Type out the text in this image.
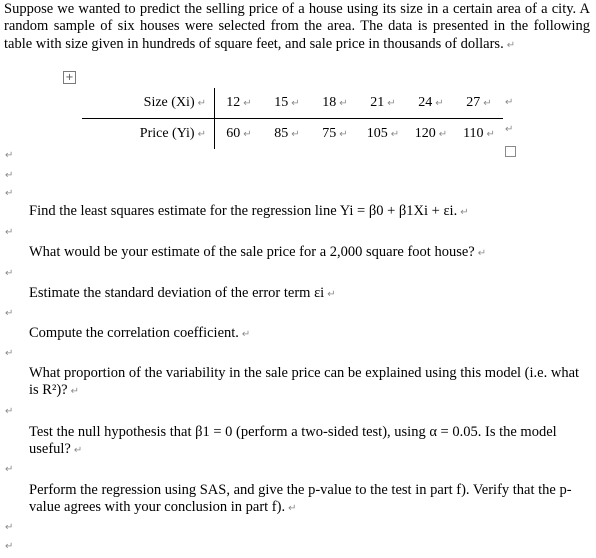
Suppose we wanted to predict the selling price of a house using its size in a certain area of a city. A random sample of six houses were selected from the area. The data is presented in the following table with size given in hundreds of square feet, and sale price in thousands of dollars. ↵
+
Size (Xi) ↵	12 ↵	15 ↵	18 ↵	21 ↵	24 ↵	27 ↵
Price (Yi) ↵	60 ↵	85 ↵	75 ↵	105 ↵	120 ↵	110 ↵
↵
↵
↵
↵
↵
Find the least squares estimate for the regression line Yi = β0 + β1Xi + εi. ↵
↵
What would be your estimate of the sale price for a 2,000 square foot house? ↵
↵
Estimate the standard deviation of the error term εi ↵
↵
Compute the correlation coefficient. ↵
↵
What proportion of the variability in the sale price can be explained using this model (i.e. what is R²)? ↵
↵
Test the null hypothesis that β1 = 0 (perform a two-sided test), using α = 0.05. Is the model useful? ↵
↵
Perform the regression using SAS, and give the p-value to the test in part f). Verify that the p-value agrees with your conclusion in part f). ↵
↵
↵
